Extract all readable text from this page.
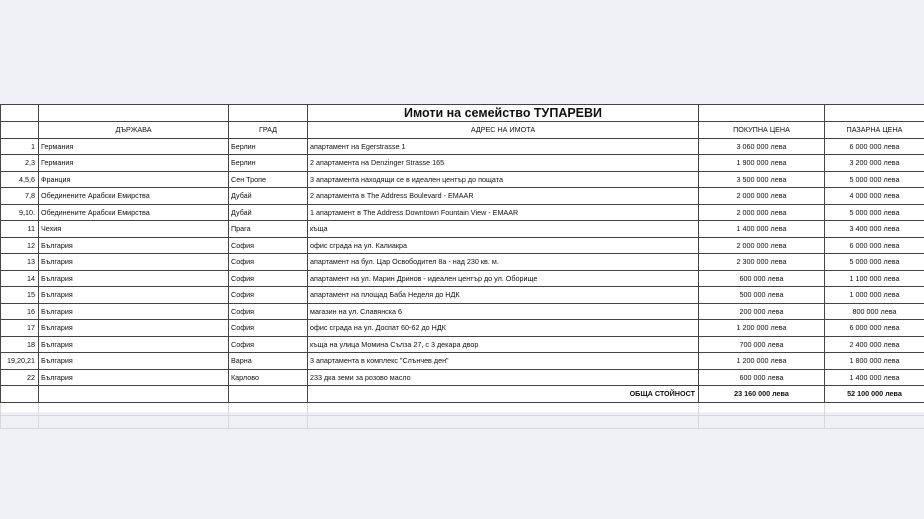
			Имоти на семейство ТУПАРЕВИ		
	ДЪРЖАВА	ГРАД	АДРЕС НА ИМОТА	ПОКУПНА ЦЕНА	ПАЗАРНА ЦЕНА
1	Германия	Берлин	апартамент на Egerstrasse 1	3 060 000 лева	6 000 000 лева
2,3	Германия	Берлин	2 апартамента на Denzinger Strasse 165	1 900 000 лева	3 200 000 лева
4,5,6	Франция	Сен Тропе	3 апартамента находящи се в идеален център до пощата	3 500 000 лева	5 000 000 лева
7,8	Обединените Арабски Емирства	Дубай	2 апартамента в The Address Boulevard - EMAAR	2 000 000 лева	4 000 000 лева
9,10.	Обединените Арабски Емирства	Дубай	1 апартамент в The Address Downtown Fountain View - EMAAR	2 000 000 лева	5 000 000 лева
11	Чехия	Прага	къща	1 400 000 лева	3 400 000 лева
12	България	София	офис сграда на ул. Калиакра	2 000 000 лева	6 000 000 лева
13	България	София	апартамент на бул. Цар Освободител 8а - над 230 кв. м.	2 300 000 лева	5 000 000 лева
14	България	София	апартамент на ул. Марин Дринов - идеален център до ул. Оборище	600 000 лева	1 100 000 лева
15	България	София	апартамент на площад Баба Неделя до НДК	500 000 лева	1 000 000 лева
16	България	София	магазин на ул. Славянска 6	200 000 лева	800 000 лева
17	България	София	офис сграда на ул. Доспат 60-62 до НДК	1 200 000 лева	6 000 000 лева
18	България	София	къща на улица Момина Сълза 27, с 3 декара двор	700 000 лева	2 400 000 лева
19,20,21	България	Варна	3 апартамента в комплекс "Слънчев ден"	1 200 000 лева	1 800 000 лева
22	България	Карлово	233 дка земи за розово масло	600 000 лева	1 400 000 лева
			ОБЩА СТОЙНОСТ	23 160 000 лева	52 100 000 лева
